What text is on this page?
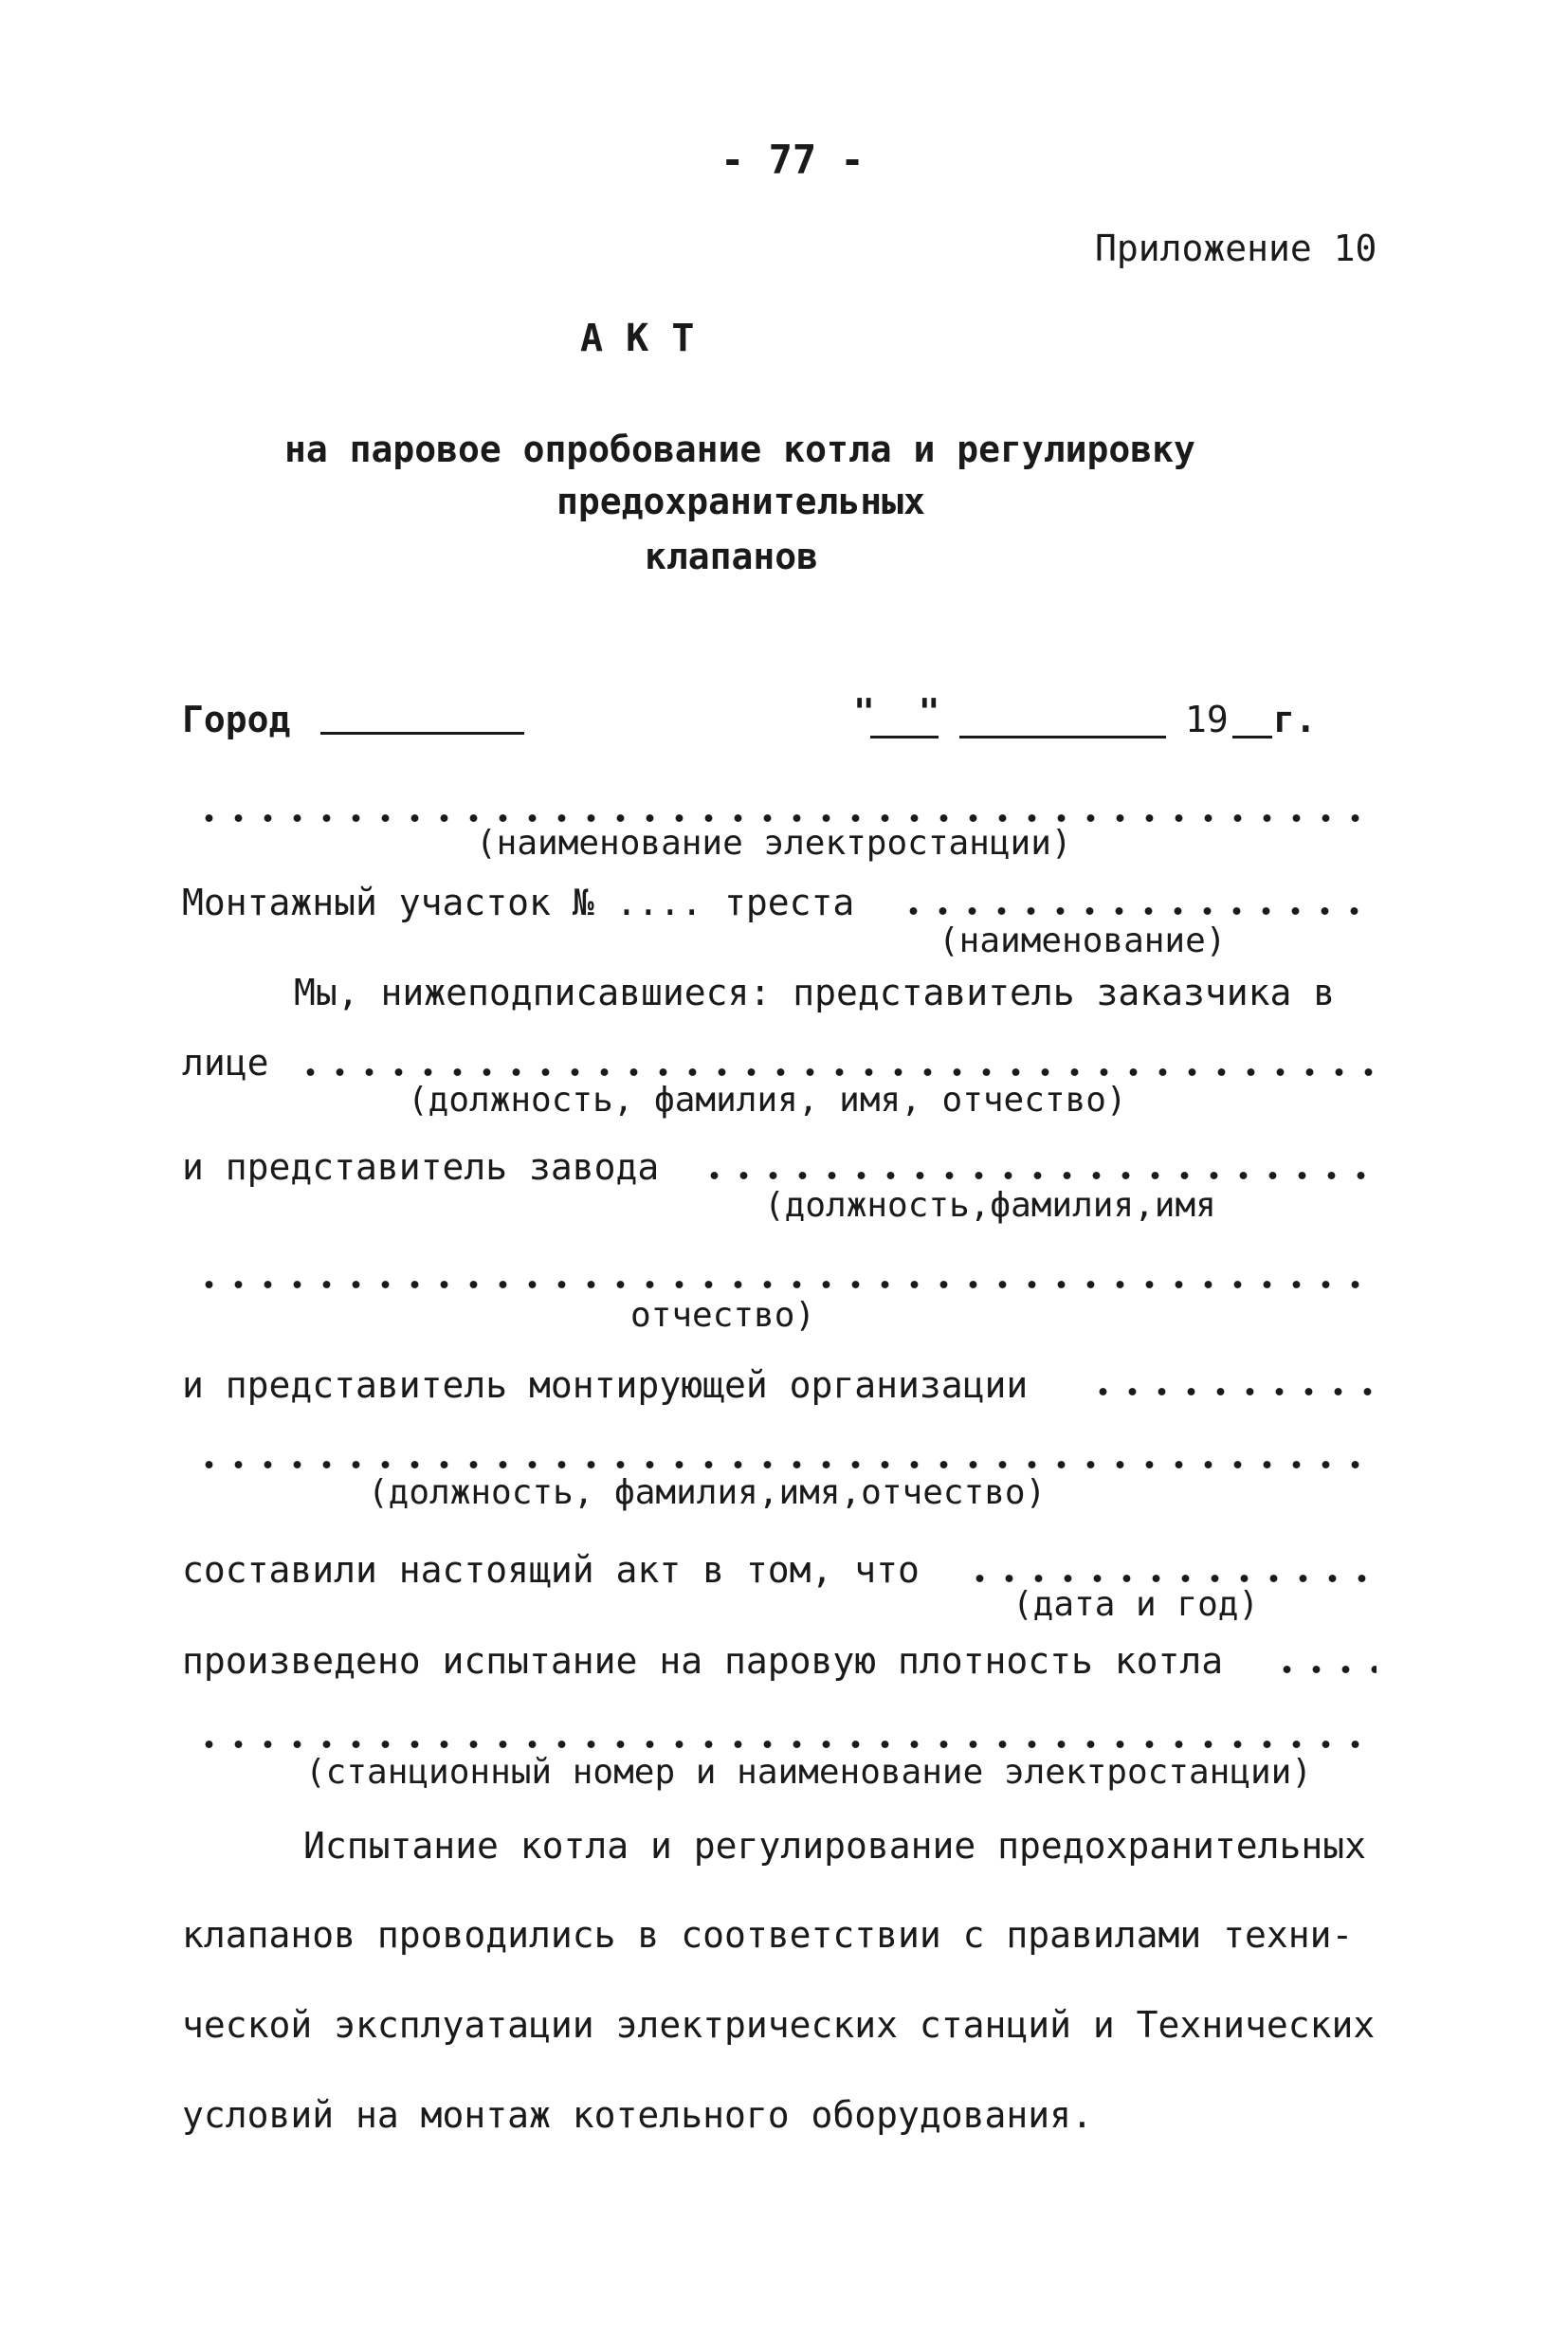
- 77 -
Приложение 10
А К Т
на паровое опробование котла и регулировку
предохранительных
клапанов
Город	"  "	19 г.
(наименование электростанции)
Монтажный участок № .... треста
(наименование)
Мы, нижеподписавшиеся: представитель заказчика в
лице
(должность, фамилия, имя, отчество)
и представитель завода
(должность,фамилия,имя
отчество)
и представитель монтирующей организации
(должность, фамилия,имя,отчество)
составили настоящий акт в том, что
(дата и год)
произведено испытание на паровую плотность котла
(станционный номер и наименование электростанции)
Испытание котла и регулирование предохранительных
клапанов проводились в соответствии с правилами техни-
ческой эксплуатации электрических станций и Технических
условий на монтаж котельного оборудования.
